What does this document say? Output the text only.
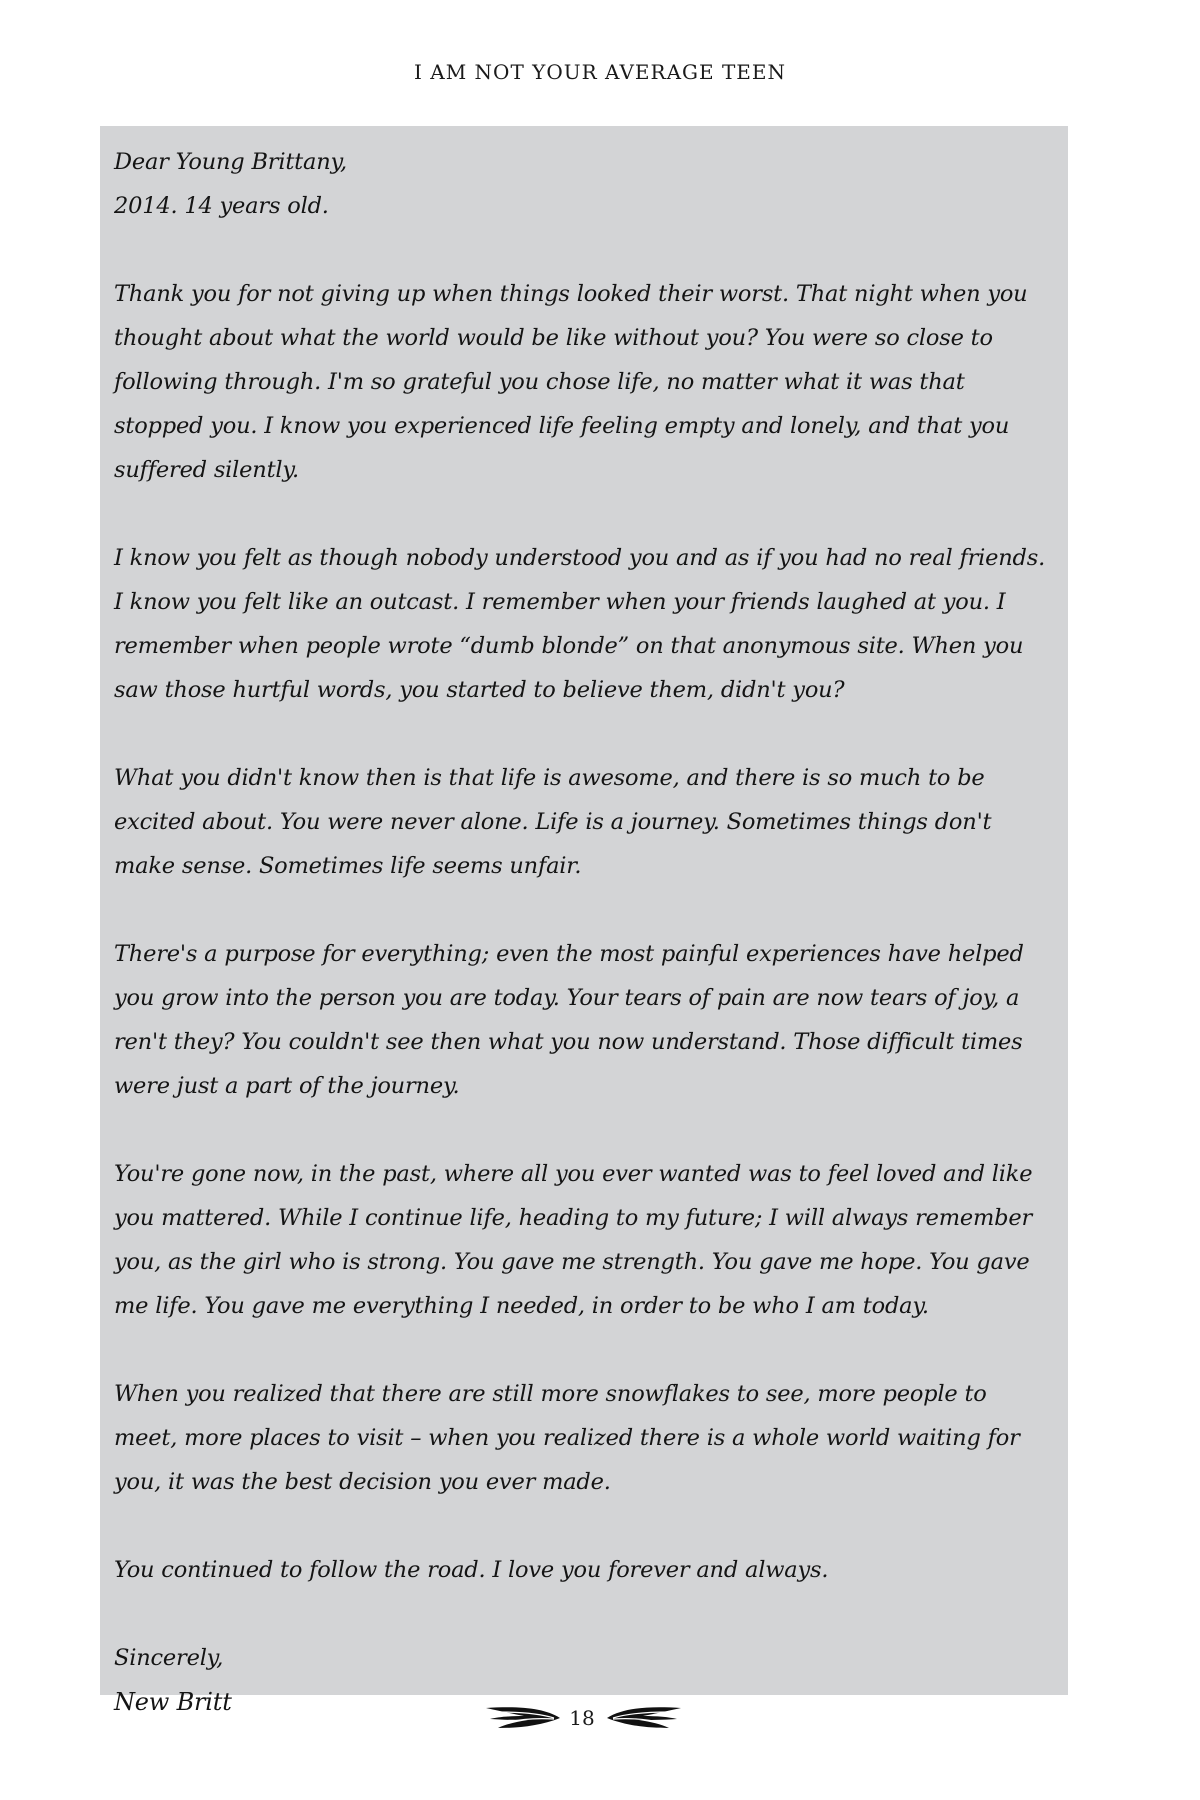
I AM NOT YOUR AVERAGE TEEN
Dear Young Brittany,
2014. 14 years old.

Thank you for not giving up when things looked their worst. That night when you thought about what the world would be like without you? You were so close to following through. I'm so grateful you chose life, no matter what it was that stopped you. I know you experienced life feeling empty and lonely, and that you suffered silently.

I know you felt as though nobody understood you and as if you had no real friends. I know you felt like an outcast. I remember when your friends laughed at you. I remember when people wrote “dumb blonde” on that anonymous site. When you saw those hurtful words, you started to believe them, didn't you?

What you didn't know then is that life is awesome, and there is so much to be excited about. You were never alone. Life is a journey. Sometimes things don't make sense. Sometimes life seems unfair.

There's a purpose for everything; even the most painful experiences have helped you grow into the person you are today. Your tears of pain are now tears of joy, a ren't they? You couldn't see then what you now understand. Those difficult times were just a part of the journey.

You're gone now, in the past, where all you ever wanted was to feel loved and like you mattered. While I continue life, heading to my future; I will always remember you, as the girl who is strong. You gave me strength. You gave me hope. You gave me life. You gave me everything I needed, in order to be who I am today.

When you realized that there are still more snowflakes to see, more people to meet, more places to visit – when you realized there is a whole world waiting for you, it was the best decision you ever made.

You continued to follow the road. I love you forever and always.

Sincerely,
New Britt
18
